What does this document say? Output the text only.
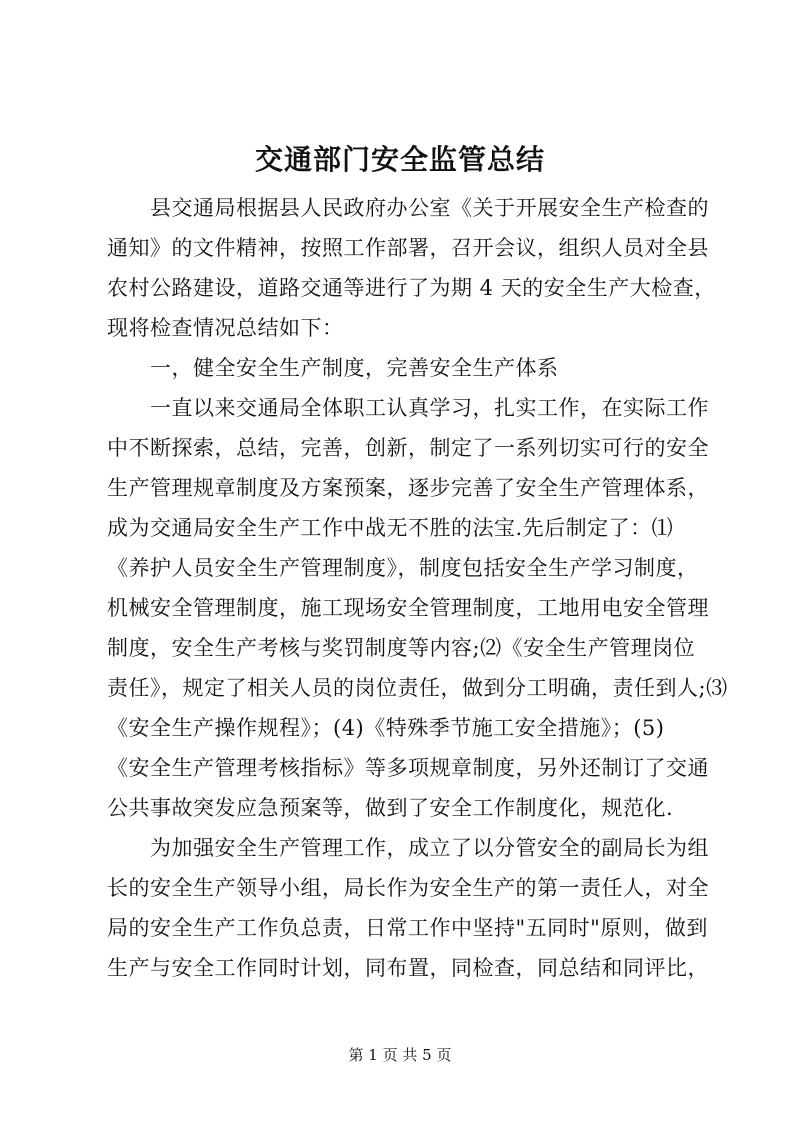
交通部门安全监管总结
县交通局根据县人民政府办公室《关于开展安全生产检查的
通知》的文件精神，按照工作部署，召开会议，组织人员对全县
农村公路建设，道路交通等进行了为期 4 天的安全生产大检查，
现将检查情况总结如下：
一，健全安全生产制度，完善安全生产体系
一直以来交通局全体职工认真学习，扎实工作，在实际工作
中不断探索，总结，完善，创新，制定了一系列切实可行的安全
生产管理规章制度及方案预案，逐步完善了安全生产管理体系，
成为交通局安全生产工作中战无不胜的法宝.先后制定了：⑴
《养护人员安全生产管理制度》，制度包括安全生产学习制度，
机械安全管理制度，施工现场安全管理制度，工地用电安全管理
制度，安全生产考核与奖罚制度等内容;⑵《安全生产管理岗位
责任》，规定了相关人员的岗位责任，做到分工明确，责任到人;⑶
《安全生产操作规程》；(4)《特殊季节施工安全措施》；(5)
《安全生产管理考核指标》等多项规章制度，另外还制订了交通
公共事故突发应急预案等，做到了安全工作制度化，规范化.
为加强安全生产管理工作，成立了以分管安全的副局长为组
长的安全生产领导小组，局长作为安全生产的第一责任人，对全
局的安全生产工作负总责，日常工作中坚持"五同时"原则，做到
生产与安全工作同时计划，同布置，同检查，同总结和同评比，
第 1 页 共 5 页
